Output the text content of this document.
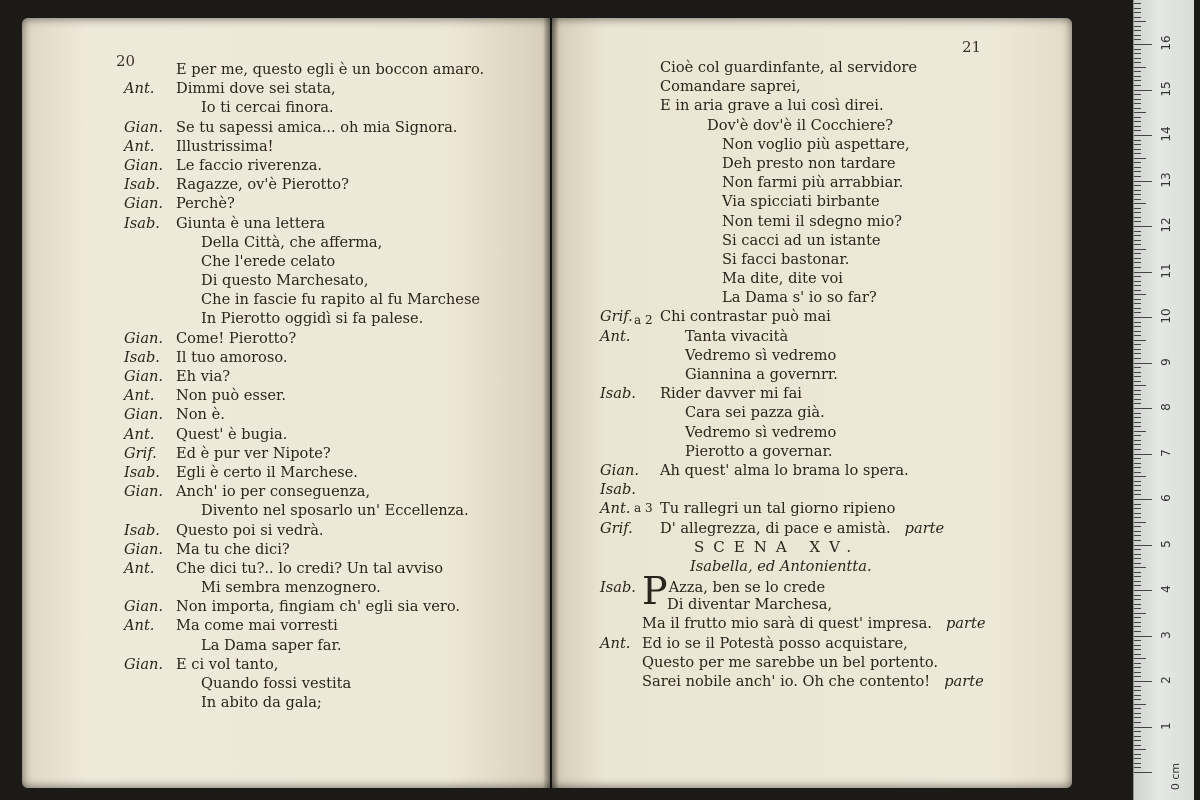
20	E per me, questo egli è un boccon amaro.
Ant. Dimmi dove sei stata,
Io ti cercai finora.
Gian. Se tu sapessi amica... oh mia Signora.
Ant. Illustrissima!
Gian. Le faccio riverenza.
Isab. Ragazze, ov'è Pierotto?
Gian. Perchè?
Isab. Giunta è una lettera
Della Città, che afferma,
Che l'erede celato
Di questo Marchesato,
Che in fascie fu rapito al fu Marchese
In Pierotto oggidì si fa palese.
Gian. Come! Pierotto?
Isab. Il tuo amoroso.
Gian. Eh via?
Ant. Non può esser.
Gian. Non è.
Ant. Quest' è bugia.
Grif. Ed è pur ver Nipote?
Isab. Egli è certo il Marchese.
Gian. Anch' io per conseguenza,
Divento nel sposarlo un' Eccellenza.
Isab. Questo poi si vedrà.
Gian. Ma tu che dici?
Ant. Che dici tu?.. lo credi? Un tal avviso
Mi sembra menzognero.
Gian. Non importa, fingiam ch' egli sia vero.
Ant. Ma come mai vorresti
La Dama saper far.
Gian. E ci vol tanto,
Quando fossi vestita
In abito da gala;
21
Cioè col guardinfante, al servidore
Comandare saprei,
E in aria grave a lui così direi.
Dov'è dov'è il Cocchiere?
Non voglio più aspettare,
Deh presto non tardare
Non farmi più arrabbiar.
Via spicciati birbante
Non temi il sdegno mio?
Si cacci ad un istante
Si facci bastonar.
Ma dite, dite voi
La Dama s' io so far?
Grif. Chi contrastar può mai
a 2
Ant.	Tanta vivacità
Vedremo sì vedremo
Giannina a governrr.
Isab. Rider davver mi fai
Cara sei pazza già.
Vedremo sì vedremo
Pierotto a governar.
Gian. Ah quest' alma lo brama lo spera.
Isab.
Ant. Tu rallegri un tal giorno ripieno
a 3
Grif. D' allegrezza, di pace e amistà. parte
SCENA XV.
Isabella, ed Antonientta.
Isab. PAzza, ben se lo crede
Di diventar Marchesa,
Ma il frutto mio sarà di quest' impresa. parte
Ant. Ed io se il Potestà posso acquistare,
Questo per me sarebbe un bel portento.
Sarei nobile anch' io. Oh che contento! parte
0 cm
1
2
3
4
5
6
7
8
9
10
11
12
13
14
15
16
